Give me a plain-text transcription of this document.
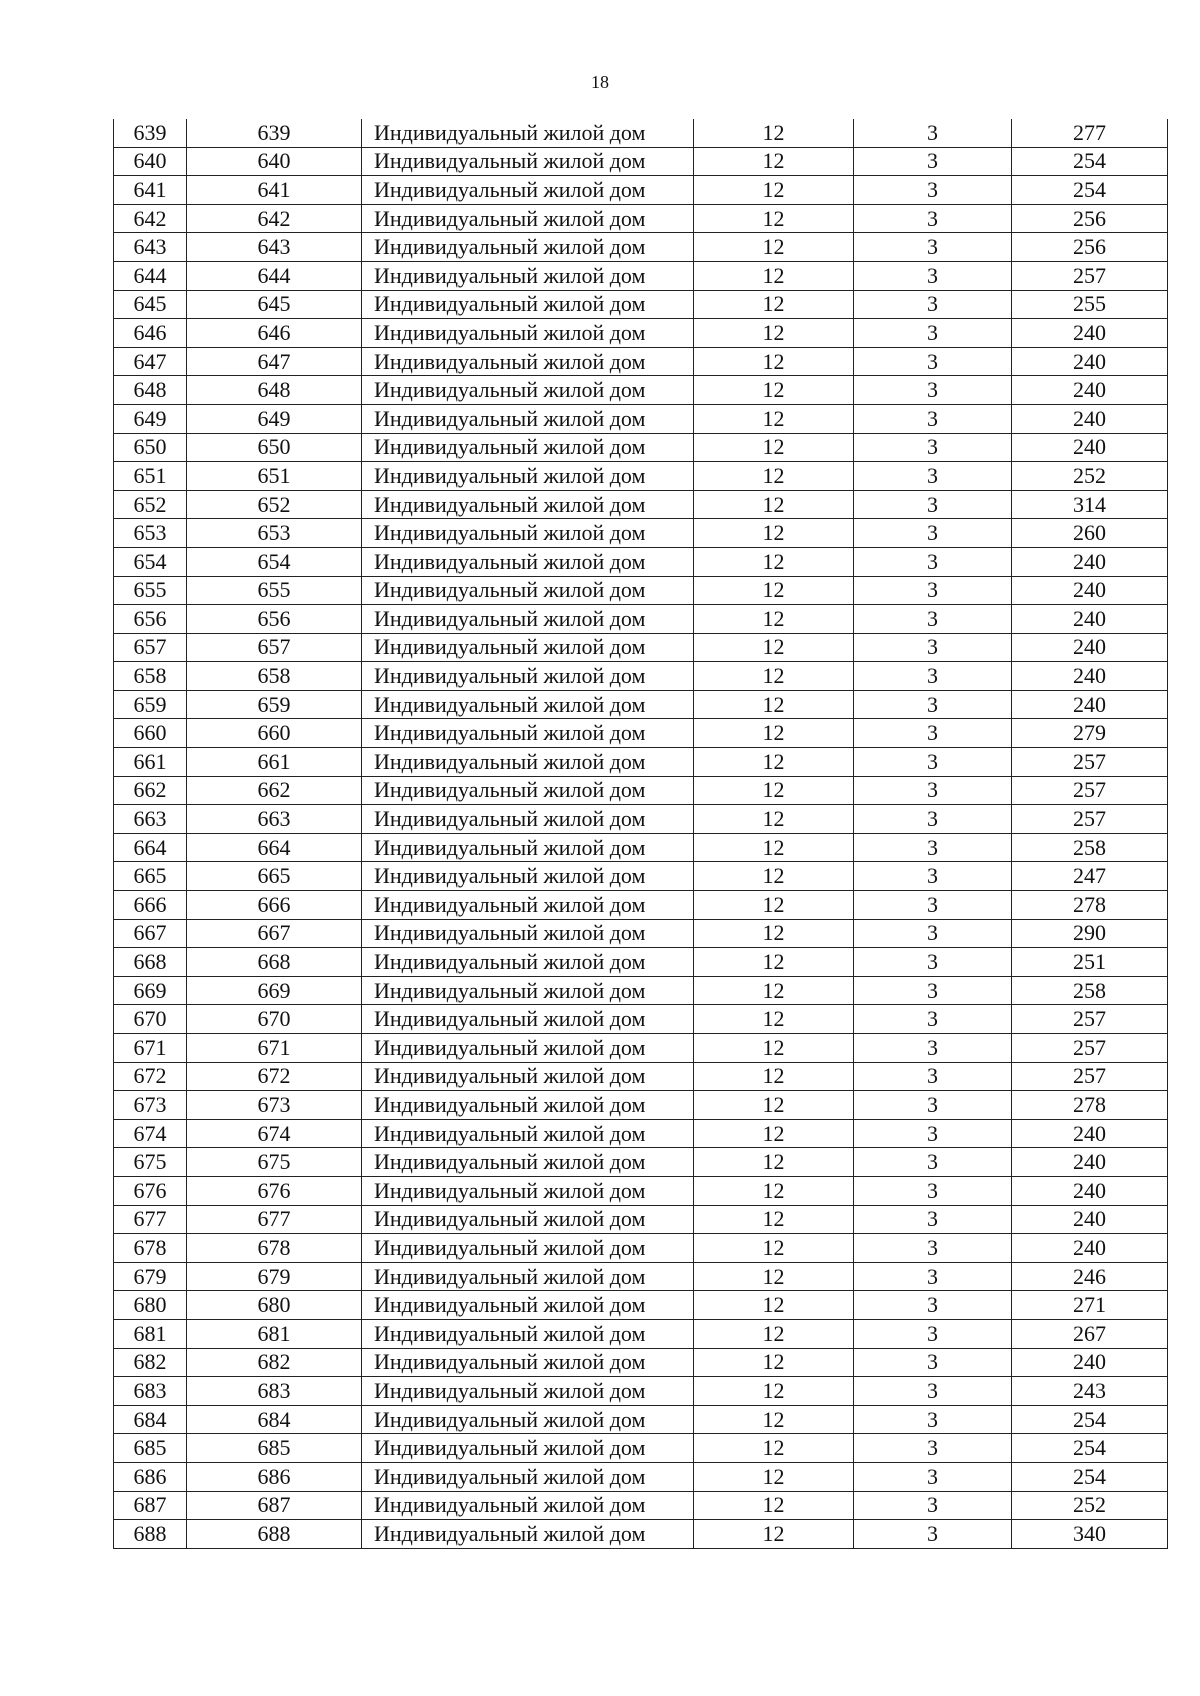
18
639	639	Индивидуальный жилой дом	12	3	277
640	640	Индивидуальный жилой дом	12	3	254
641	641	Индивидуальный жилой дом	12	3	254
642	642	Индивидуальный жилой дом	12	3	256
643	643	Индивидуальный жилой дом	12	3	256
644	644	Индивидуальный жилой дом	12	3	257
645	645	Индивидуальный жилой дом	12	3	255
646	646	Индивидуальный жилой дом	12	3	240
647	647	Индивидуальный жилой дом	12	3	240
648	648	Индивидуальный жилой дом	12	3	240
649	649	Индивидуальный жилой дом	12	3	240
650	650	Индивидуальный жилой дом	12	3	240
651	651	Индивидуальный жилой дом	12	3	252
652	652	Индивидуальный жилой дом	12	3	314
653	653	Индивидуальный жилой дом	12	3	260
654	654	Индивидуальный жилой дом	12	3	240
655	655	Индивидуальный жилой дом	12	3	240
656	656	Индивидуальный жилой дом	12	3	240
657	657	Индивидуальный жилой дом	12	3	240
658	658	Индивидуальный жилой дом	12	3	240
659	659	Индивидуальный жилой дом	12	3	240
660	660	Индивидуальный жилой дом	12	3	279
661	661	Индивидуальный жилой дом	12	3	257
662	662	Индивидуальный жилой дом	12	3	257
663	663	Индивидуальный жилой дом	12	3	257
664	664	Индивидуальный жилой дом	12	3	258
665	665	Индивидуальный жилой дом	12	3	247
666	666	Индивидуальный жилой дом	12	3	278
667	667	Индивидуальный жилой дом	12	3	290
668	668	Индивидуальный жилой дом	12	3	251
669	669	Индивидуальный жилой дом	12	3	258
670	670	Индивидуальный жилой дом	12	3	257
671	671	Индивидуальный жилой дом	12	3	257
672	672	Индивидуальный жилой дом	12	3	257
673	673	Индивидуальный жилой дом	12	3	278
674	674	Индивидуальный жилой дом	12	3	240
675	675	Индивидуальный жилой дом	12	3	240
676	676	Индивидуальный жилой дом	12	3	240
677	677	Индивидуальный жилой дом	12	3	240
678	678	Индивидуальный жилой дом	12	3	240
679	679	Индивидуальный жилой дом	12	3	246
680	680	Индивидуальный жилой дом	12	3	271
681	681	Индивидуальный жилой дом	12	3	267
682	682	Индивидуальный жилой дом	12	3	240
683	683	Индивидуальный жилой дом	12	3	243
684	684	Индивидуальный жилой дом	12	3	254
685	685	Индивидуальный жилой дом	12	3	254
686	686	Индивидуальный жилой дом	12	3	254
687	687	Индивидуальный жилой дом	12	3	252
688	688	Индивидуальный жилой дом	12	3	340
